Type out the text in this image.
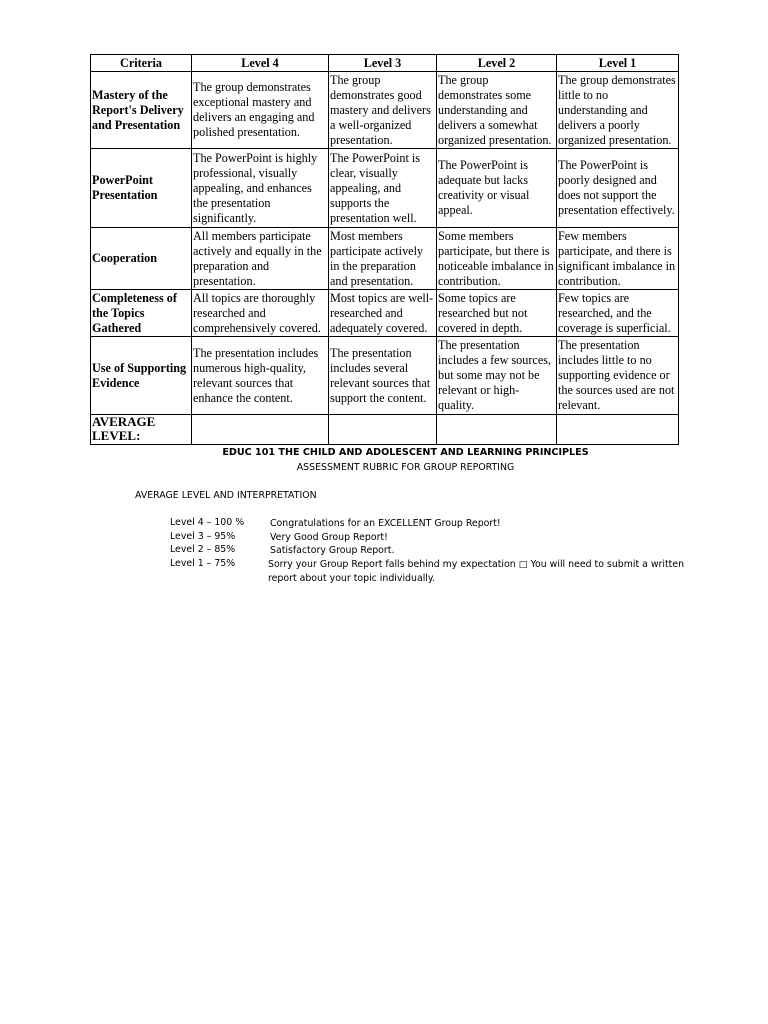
Criteria	Level 4	Level 3	Level 2	Level 1
Mastery of the Report's Delivery and Presentation	The group demonstrates exceptional mastery and delivers an engaging and polished presentation.	The group demonstrates good mastery and delivers a well-organized presentation.	The group demonstrates some understanding and delivers a somewhat organized presentation.	The group demonstrates little to no understanding and delivers a poorly organized presentation.
PowerPoint Presentation	The PowerPoint is highly professional, visually appealing, and enhances the presentation significantly.	The PowerPoint is clear, visually appealing, and supports the presentation well.	The PowerPoint is adequate but lacks creativity or visual appeal.	The PowerPoint is poorly designed and does not support the presentation effectively.
Cooperation	All members participate actively and equally in the preparation and presentation.	Most members participate actively in the preparation and presentation.	Some members participate, but there is noticeable imbalance in contribution.	Few members participate, and there is significant imbalance in contribution.
Completeness of the Topics Gathered	All topics are thoroughly researched and comprehensively covered.	Most topics are well-researched and adequately covered.	Some topics are researched but not covered in depth.	Few topics are researched, and the coverage is superficial.
Use of Supporting Evidence	The presentation includes numerous high-quality, relevant sources that enhance the content.	The presentation includes several relevant sources that support the content.	The presentation includes a few sources, but some may not be relevant or high-quality.	The presentation includes little to no supporting evidence or the sources used are not relevant.
AVERAGE LEVEL:				
EDUC 101 THE CHILD AND ADOLESCENT AND LEARNING PRINCIPLES
ASSESSMENT RUBRIC FOR GROUP REPORTING
AVERAGE LEVEL AND INTERPRETATION
Level 4 – 100 %	Congratulations for an EXCELLENT Group Report!
Level 3 – 95%	Very Good Group Report!
Level 2 – 85%	Satisfactory Group Report.
Level 1 – 75%	Sorry your Group Report falls behind my expectation □ You will need to submit a written report about your topic individually.
